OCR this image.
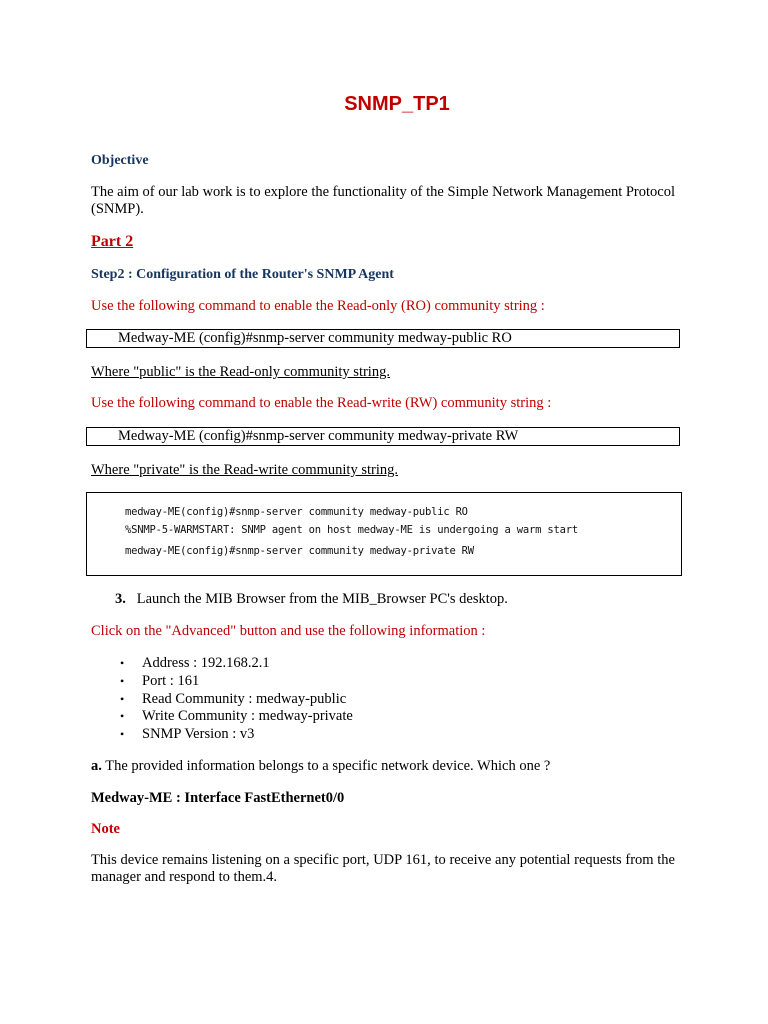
SNMP_TP1
Objective
The aim of our lab work is to explore the functionality of the Simple Network Management Protocol (SNMP).
Part 2
Step2 : Configuration of the Router's SNMP Agent
Use the following command to enable the Read-only (RO) community string :
Medway-ME (config)#snmp-server community medway-public RO
Where "public" is the Read-only community string.
Use the following command to enable the Read-write (RW) community string :
Medway-ME (config)#snmp-server community medway-private RW
Where "private" is the Read-write community string.
medway-ME(config)#snmp-server community medway-public RO
%SNMP-5-WARMSTART: SNMP agent on host medway-ME is undergoing a warm start
medway-ME(config)#snmp-server community medway-private RW
3. Launch the MIB Browser from the MIB_Browser PC's desktop.
Click on the "Advanced" button and use the following information :
• Address : 192.168.2.1
• Port : 161
• Read Community : medway-public
• Write Community : medway-private
• SNMP Version : v3
a. The provided information belongs to a specific network device. Which one ?
Medway-ME : Interface FastEthernet0/0
Note
This device remains listening on a specific port, UDP 161, to receive any potential requests from the manager and respond to them.4.
